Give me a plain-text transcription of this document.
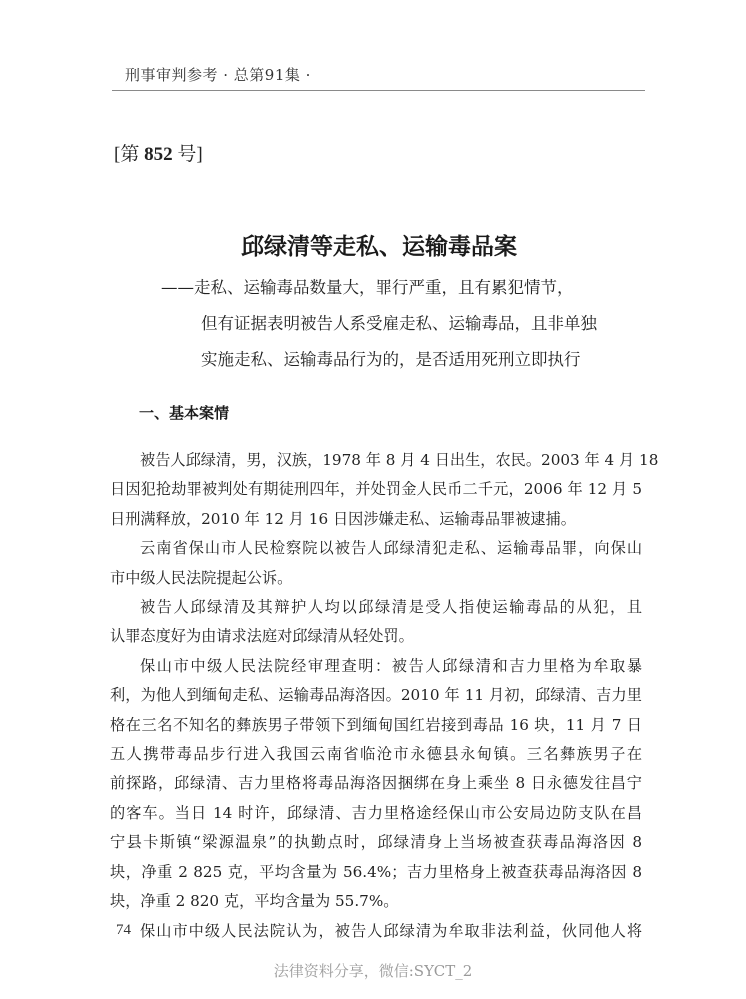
刑事审判参考 · 总第91集 ·
[第 852 号]
邱绿清等走私、运输毒品案
——走私、运输毒品数量大，罪行严重，且有累犯情节，
但有证据表明被告人系受雇走私、运输毒品，且非单独
实施走私、运输毒品行为的，是否适用死刑立即执行
一、基本案情
被告人邱绿清，男，汉族，1978 年 8 月 4 日出生，农民。2003 年 4 月 18
日因犯抢劫罪被判处有期徒刑四年，并处罚金人民币二千元，2006 年 12 月 5
日刑满释放，2010 年 12 月 16 日因涉嫌走私、运输毒品罪被逮捕。
云南省保山市人民检察院以被告人邱绿清犯走私、运输毒品罪，向保山
市中级人民法院提起公诉。
被告人邱绿清及其辩护人均以邱绿清是受人指使运输毒品的从犯，且
认罪态度好为由请求法庭对邱绿清从轻处罚。
保山市中级人民法院经审理查明：被告人邱绿清和吉力里格为牟取暴
利，为他人到缅甸走私、运输毒品海洛因。2010 年 11 月初，邱绿清、吉力里
格在三名不知名的彝族男子带领下到缅甸国红岩接到毒品 16 块，11 月 7 日
五人携带毒品步行进入我国云南省临沧市永德县永甸镇。三名彝族男子在
前探路，邱绿清、吉力里格将毒品海洛因捆绑在身上乘坐 8 日永德发往昌宁
的客车。当日 14 时许，邱绿清、吉力里格途经保山市公安局边防支队在昌
宁县卡斯镇“梁源温泉”的执勤点时，邱绿清身上当场被查获毒品海洛因 8
块，净重 2 825 克，平均含量为 56.4%；吉力里格身上被查获毒品海洛因 8
块，净重 2 820 克，平均含量为 55.7%。
保山市中级人民法院认为，被告人邱绿清为牟取非法利益，伙同他人将
74
法律资料分享，微信:SYCT_2
